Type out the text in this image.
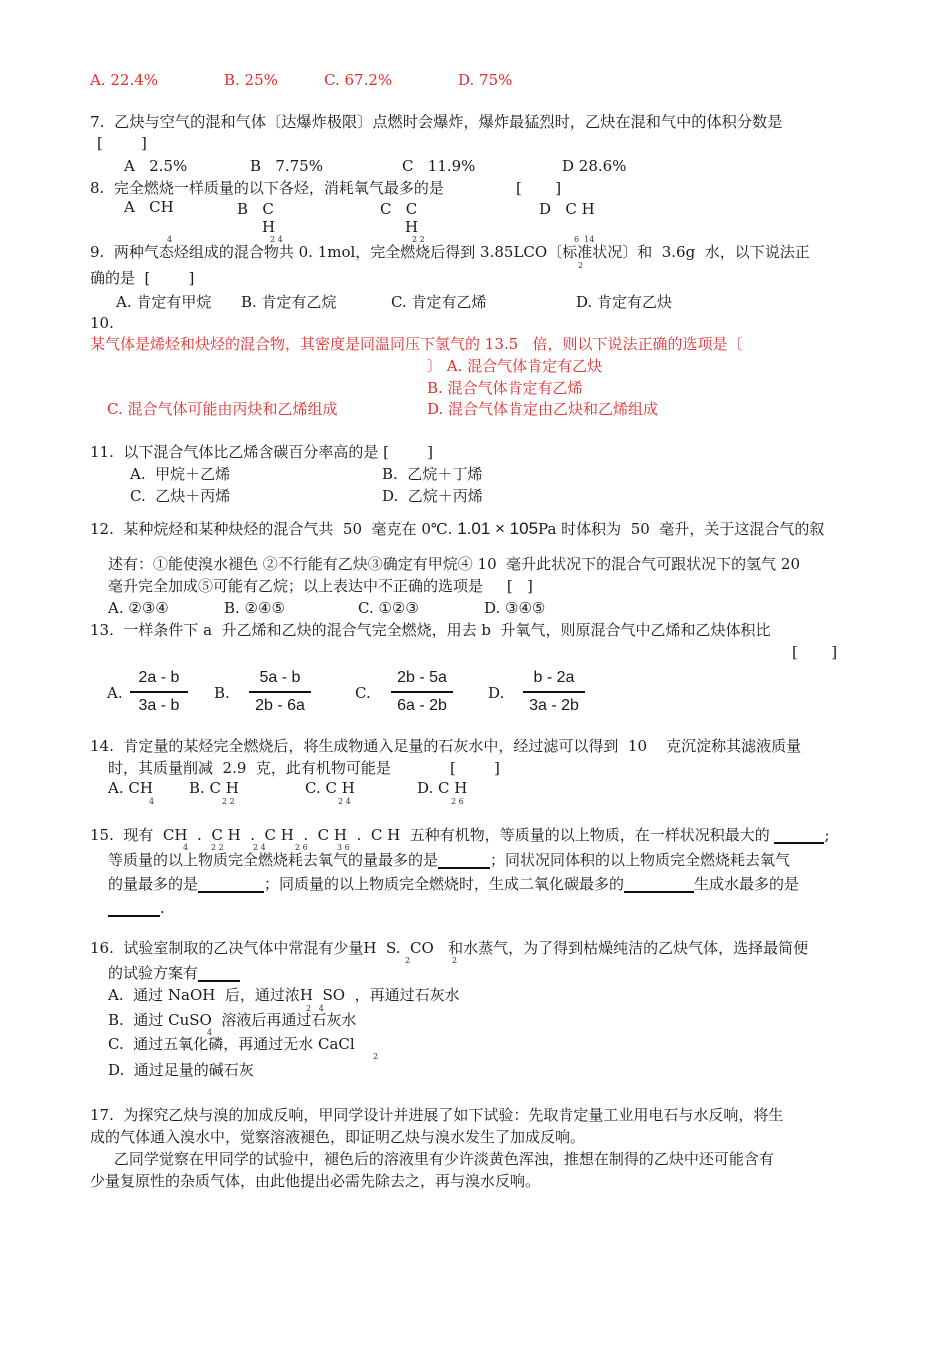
A. 22.4%	B. 25%	C. 67.2%	D. 75%
7.  乙炔与空气的混和气体〔达爆炸极限〕点燃时会爆炸，爆炸最猛烈时，乙炔在混和气中的体积分数是
[        ]
A   2.5%	B   7.75%	C   11.9%	D 28.6%
8.  完全燃烧一样质量的以下各烃，消耗氧气最多的是	[       ]
A   CH	B   C	C   C	D   C H
H	H
4	2 4	2 2	6  14
9.  两种气态烃组成的混合物共 0. 1mol，完全燃烧后得到 3.85LCO〔标准状况〕和  3.6g  水，以下说法正
2
确的是  [        ]
A. 肯定有甲烷 B. 肯定有乙烷	C. 肯定有乙烯	D. 肯定有乙炔
10.
某气体是烯烃和炔烃的混合物，其密度是同温同压下氢气的 13.5   倍，则以下说法正确的选项是〔
〕 A. 混合气体肯定有乙炔
B. 混合气体肯定有乙烯
C. 混合气体可能由丙炔和乙烯组成	D. 混合气体肯定由乙炔和乙烯组成
11.  以下混合气体比乙烯含碳百分率高的是 [        ]
A.  甲烷＋乙烯	B.  乙烷＋丁烯
C.  乙炔＋丙烯	D.  乙烷＋丙烯
12.  某种烷烃和某种炔烃的混合气共  50  毫克在 0℃. 1.01 × 105Pa 时体积为  50  毫升，关于这混合气的叙
述有：①能使溴水褪色 ②不行能有乙炔③确定有甲烷④ 10  毫升此状况下的混合气可跟状况下的氢气 20
毫升完全加成⑤可能有乙烷；以上表达中不正确的选项是     [   ]
A. ②③④	B. ②④⑤	C. ①②③	D. ③④⑤
13.  一样条件下 a  升乙烯和乙炔的混合气完全燃烧，用去 b  升氧气，则原混合气中乙烯和乙炔体积比
[       ]
A.	B.	C.	D.
$\frac{2a - b}{3a - b}$	$\frac{5a - b}{2b - 6a}$	$\frac{2b - 5a}{6a - 2b}$	$\frac{b - 2a}{3a - 2b}$
14.  肯定量的某烃完全燃烧后，将生成物通入足量的石灰水中，经过滤可以得到  10    克沉淀称其滤液质量
时，其质量削减  2.9  克，此有机物可能是	[        ]
A. CH B. C H	C. C H	D. C H
4	2 2	2 4	2 6
15.  现有  CH  .  C H  .  C H  .  C H  .  C H  五种有机物，等质量的以上物质，在一样状况积最大的	;
4	2 2	2 4	2 6	3 6
等质量的以上物质完全燃烧耗去氧气的量最多的是	；同状况同体积的以上物质完全燃烧耗去氧气
的量最多的是	；同质量的以上物质完全燃烧时，生成二氧化碳最多的	生成水最多的是
.
16.  试验室制取的乙决气体中常混有少量H  S.  CO   和水蒸气，为了得到枯燥纯洁的乙炔气体，选择最简便
2	2
的试验方案有
A.  通过 NaOH  后，通过浓H  SO  ，再通过石灰水
2   4
B.  通过 CuSO  溶液后再通过石灰水
4
C.  通过五氧化磷，再通过无水 CaCl
2
D.  通过足量的碱石灰
17.  为探究乙炔与溴的加成反响，甲同学设计并进展了如下试验：先取肯定量工业用电石与水反响，将生
成的气体通入溴水中，觉察溶液褪色，即证明乙炔与溴水发生了加成反响。
乙同学觉察在甲同学的试验中，褪色后的溶液里有少许淡黄色浑浊，推想在制得的乙炔中还可能含有
少量复原性的杂质气体，由此他提出必需先除去之，再与溴水反响。
